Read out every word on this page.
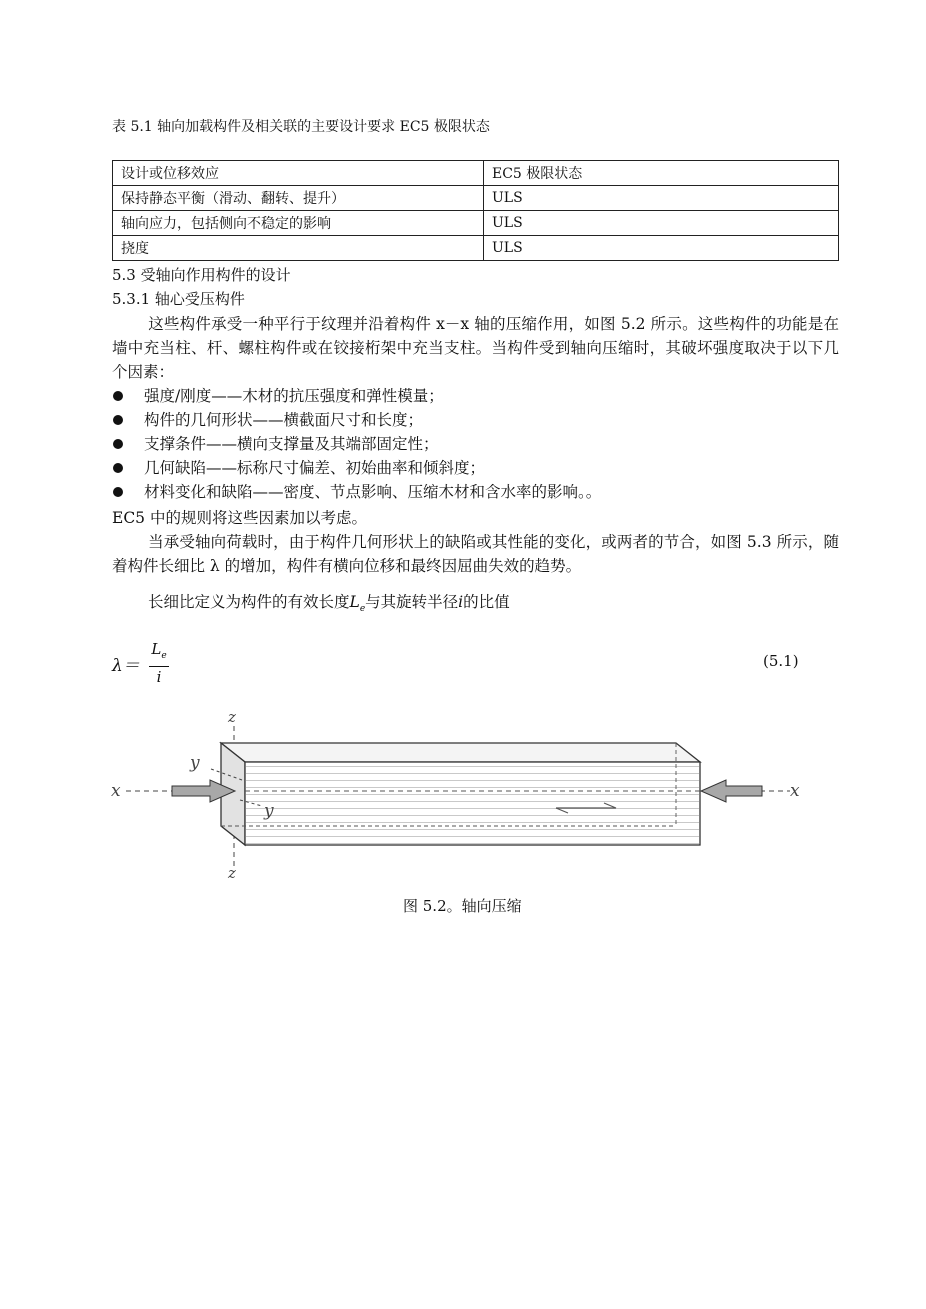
表 5.1 轴向加载构件及相关联的主要设计要求 EC5 极限状态
设计或位移效应	EC5 极限状态
保持静态平衡（滑动、翻转、提升）	ULS
轴向应力，包括侧向不稳定的影响	ULS
挠度	ULS
5.3 受轴向作用构件的设计
5.3.1 轴心受压构件
这些构件承受一种平行于纹理并沿着构件 x－x 轴的压缩作用，如图 5.2 所示。这些构件的功能是在墙中充当柱、杆、螺柱构件或在铰接桁架中充当支柱。当构件受到轴向压缩时，其破坏强度取决于以下几个因素：
强度/刚度——木材的抗压强度和弹性模量；
构件的几何形状——横截面尺寸和长度；
支撑条件——横向支撑量及其端部固定性；
几何缺陷——标称尺寸偏差、初始曲率和倾斜度；
材料变化和缺陷——密度、节点影响、压缩木材和含水率的影响。。
EC5 中的规则将这些因素加以考虑。
当承受轴向荷载时，由于构件几何形状上的缺陷或其性能的变化，或两者的节合，如图 5.3 所示，随着构件长细比 λ 的增加，构件有横向位移和最终因屈曲失效的趋势。
长细比定义为构件的有效长度$L_e$与其旋转半径i的比值
λ＝
$L_e$
i
(5.1)
x	x
y
y
z
z
图 5.2。轴向压缩
